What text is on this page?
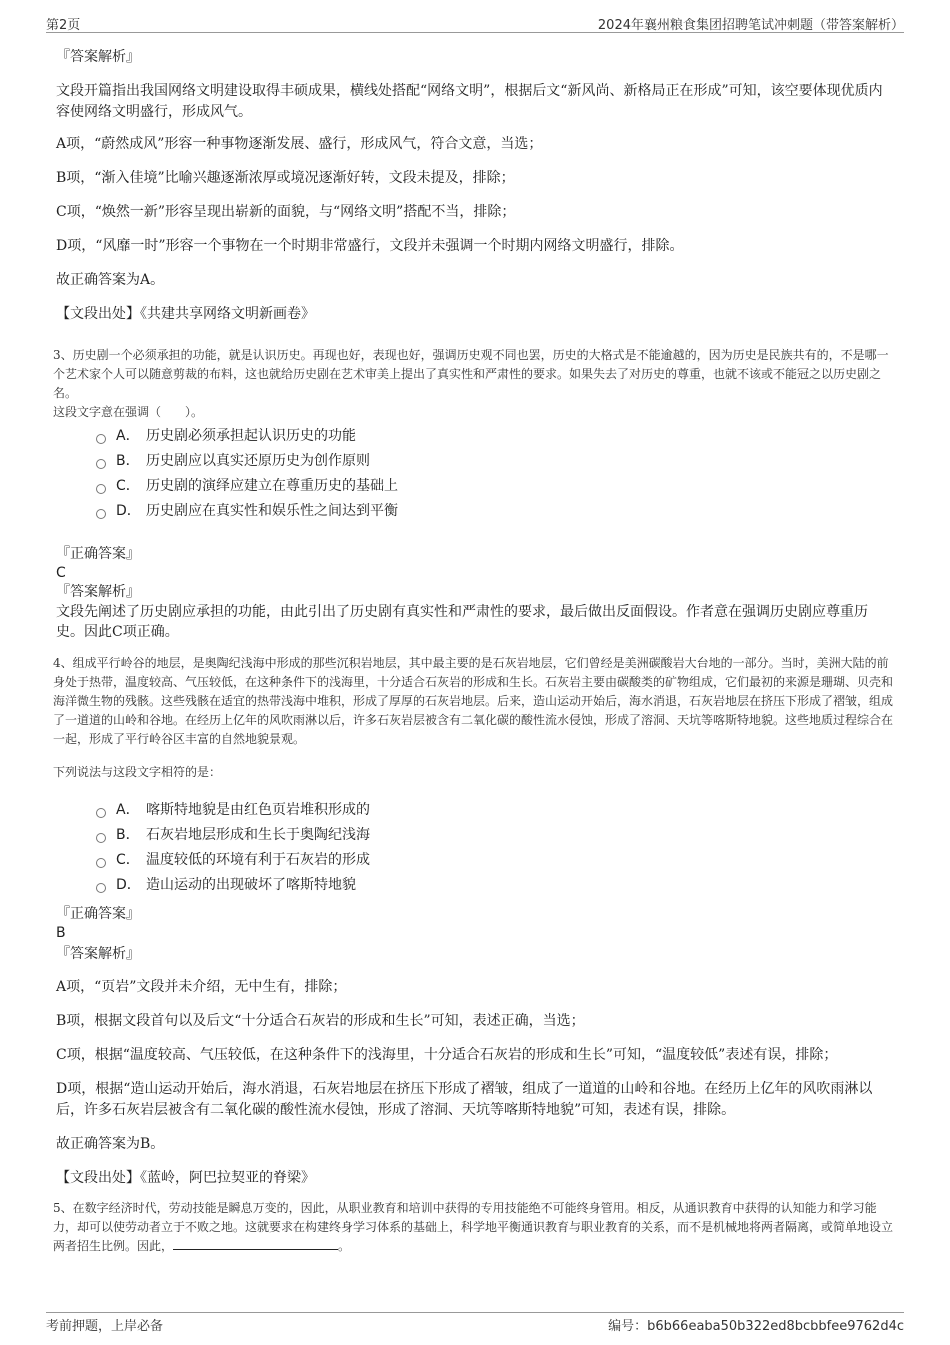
第2页	2024年襄州粮食集团招聘笔试冲刺题（带答案解析）

『答案解析』

文段开篇指出我国网络文明建设取得丰硕成果，横线处搭配“网络文明”，根据后文“新风尚、新格局正在形成”可知，该空要体现优质内容使网络文明盛行，形成风气。

A项，“蔚然成风”形容一种事物逐渐发展、盛行，形成风气，符合文意，当选；

B项，“渐入佳境”比喻兴趣逐渐浓厚或境况逐渐好转，文段未提及，排除；

C项，“焕然一新”形容呈现出崭新的面貌，与“网络文明”搭配不当，排除；

D项，“风靡一时”形容一个事物在一个时期非常盛行，文段并未强调一个时期内网络文明盛行，排除。

故正确答案为A。

【文段出处】《共建共享网络文明新画卷》

3、历史剧一个必须承担的功能，就是认识历史。再现也好，表现也好，强调历史观不同也罢，历史的大格式是不能逾越的，因为历史是民族共有的，不是哪一个艺术家个人可以随意剪裁的布料，这也就给历史剧在艺术审美上提出了真实性和严肃性的要求。如果失去了对历史的尊重，也就不该或不能冠之以历史剧之名。

这段文字意在强调（　　）。

A． 历史剧必须承担起认识历史的功能
B． 历史剧应以真实还原历史为创作原则
C． 历史剧的演绎应建立在尊重历史的基础上
D． 历史剧应在真实性和娱乐性之间达到平衡

『正确答案』

C

『答案解析』

文段先阐述了历史剧应承担的功能，由此引出了历史剧有真实性和严肃性的要求，最后做出反面假设。作者意在强调历史剧应尊重历史。因此C项正确。

4、组成平行岭谷的地层，是奥陶纪浅海中形成的那些沉积岩地层，其中最主要的是石灰岩地层，它们曾经是美洲碳酸岩大台地的一部分。当时，美洲大陆的前身处于热带，温度较高、气压较低，在这种条件下的浅海里，十分适合石灰岩的形成和生长。石灰岩主要由碳酸类的矿物组成，它们最初的来源是珊瑚、贝壳和海洋微生物的残骸。这些残骸在适宜的热带浅海中堆积，形成了厚厚的石灰岩地层。后来，造山运动开始后，海水消退，石灰岩地层在挤压下形成了褶皱，组成了一道道的山岭和谷地。在经历上亿年的风吹雨淋以后，许多石灰岩层被含有二氧化碳的酸性流水侵蚀，形成了溶洞、天坑等喀斯特地貌。这些地质过程综合在一起，形成了平行岭谷区丰富的自然地貌景观。

下列说法与这段文字相符的是：

A． 喀斯特地貌是由红色页岩堆积形成的
B． 石灰岩地层形成和生长于奥陶纪浅海
C． 温度较低的环境有利于石灰岩的形成
D． 造山运动的出现破坏了喀斯特地貌

『正确答案』

B

『答案解析』

A项，“页岩”文段并未介绍，无中生有，排除；

B项，根据文段首句以及后文“十分适合石灰岩的形成和生长”可知，表述正确，当选；

C项，根据“温度较高、气压较低，在这种条件下的浅海里，十分适合石灰岩的形成和生长”可知，“温度较低”表述有误，排除；

D项，根据“造山运动开始后，海水消退，石灰岩地层在挤压下形成了褶皱，组成了一道道的山岭和谷地。在经历上亿年的风吹雨淋以后，许多石灰岩层被含有二氧化碳的酸性流水侵蚀，形成了溶洞、天坑等喀斯特地貌”可知，表述有误，排除。

故正确答案为B。

【文段出处】《蓝岭，阿巴拉契亚的脊梁》

5、在数字经济时代，劳动技能是瞬息万变的，因此，从职业教育和培训中获得的专用技能绝不可能终身管用。相反，从通识教育中获得的认知能力和学习能力，却可以使劳动者立于不败之地。这就要求在构建终身学习体系的基础上，科学地平衡通识教育与职业教育的关系，而不是机械地将两者隔离，或简单地设立两者招生比例。因此，	。

考前押题，上岸必备	编号：b6b66eaba50b322ed8bcbbfee9762d4c
